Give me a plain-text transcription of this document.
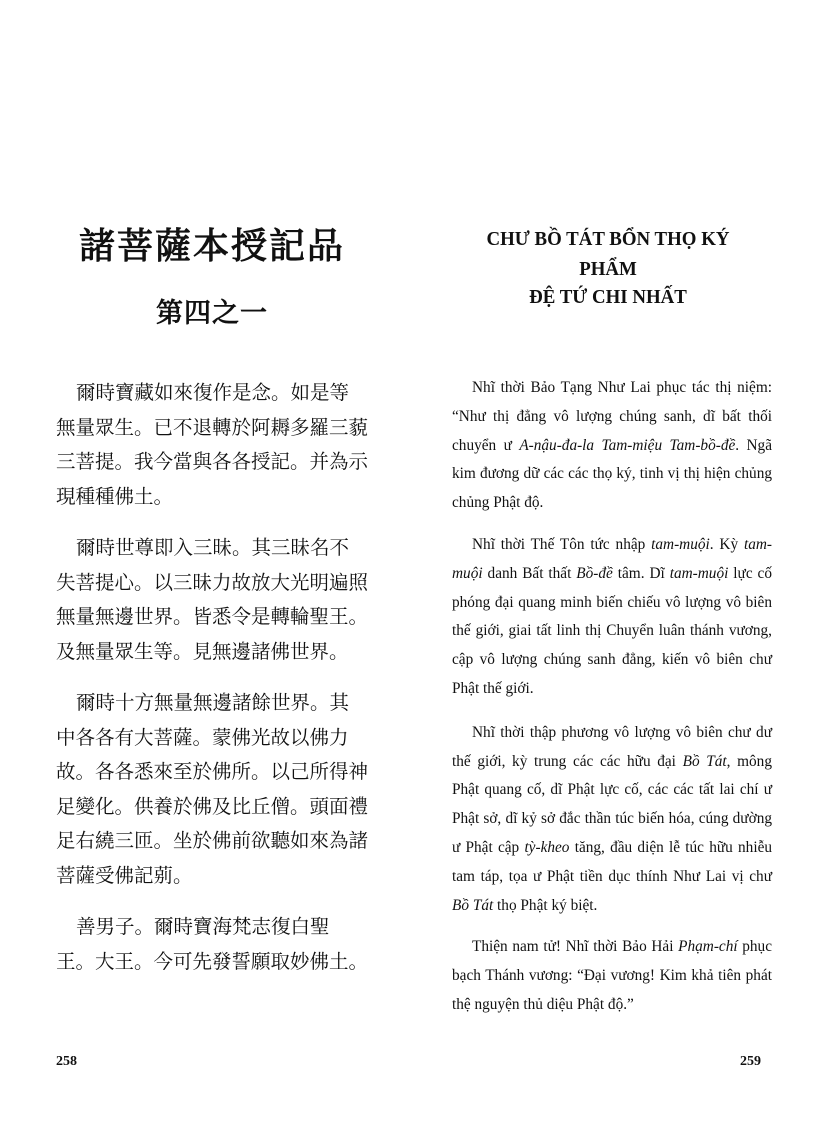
諸菩薩本授記品
第四之一

爾時寶藏如來復作是念。如是等無量眾生。已不退轉於阿耨多羅三藐三菩提。我今當與各各授記。并為示現種種佛土。

爾時世尊即入三昧。其三昧名不失菩提心。以三昧力故放大光明遍照無量無邊世界。皆悉令是轉輪聖王。及無量眾生等。見無邊諸佛世界。

爾時十方無量無邊諸餘世界。其中各各有大菩薩。蒙佛光故以佛力故。各各悉來至於佛所。以己所得神足變化。供養於佛及比丘僧。頭面禮足右繞三匝。坐於佛前欲聽如來為諸菩薩受佛記莂。

善男子。爾時寶海梵志復白聖王。大王。今可先發誓願取妙佛土。

258
CHƯ BỒ TÁT BỔN THỌ KÝ PHẨM
ĐỆ TỨ CHI NHẤT

Nhĩ thời Bảo Tạng Như Lai phục tác thị niệm: “Như thị đẳng vô lượng chúng sanh, dĩ bất thối chuyển ư A-nậu-đa-la Tam-miệu Tam-bồ-đề. Ngã kim đương dữ các các thọ ký, tinh vị thị hiện chủng chủng Phật độ.

Nhĩ thời Thế Tôn tức nhập tam-muội. Kỳ tam-muội danh Bất thất Bồ-đề tâm. Dĩ tam-muội lực cố phóng đại quang minh biến chiếu vô lượng vô biên thế giới, giai tất linh thị Chuyển luân thánh vương, cập vô lượng chúng sanh đẳng, kiến vô biên chư Phật thế giới.

Nhĩ thời thập phương vô lượng vô biên chư dư thế giới, kỳ trung các các hữu đại Bồ Tát, mông Phật quang cố, dĩ Phật lực cố, các các tất lai chí ư Phật sở, dĩ kỷ sở đắc thần túc biến hóa, cúng dường ư Phật cập tỳ-kheo tăng, đầu diện lễ túc hữu nhiễu tam táp, tọa ư Phật tiền dục thính Như Lai vị chư Bồ Tát thọ Phật ký biệt.

Thiện nam tử! Nhĩ thời Bảo Hải Phạm-chí phục bạch Thánh vương: “Đại vương! Kim khả tiên phát thệ nguyện thủ diệu Phật độ.”

259
